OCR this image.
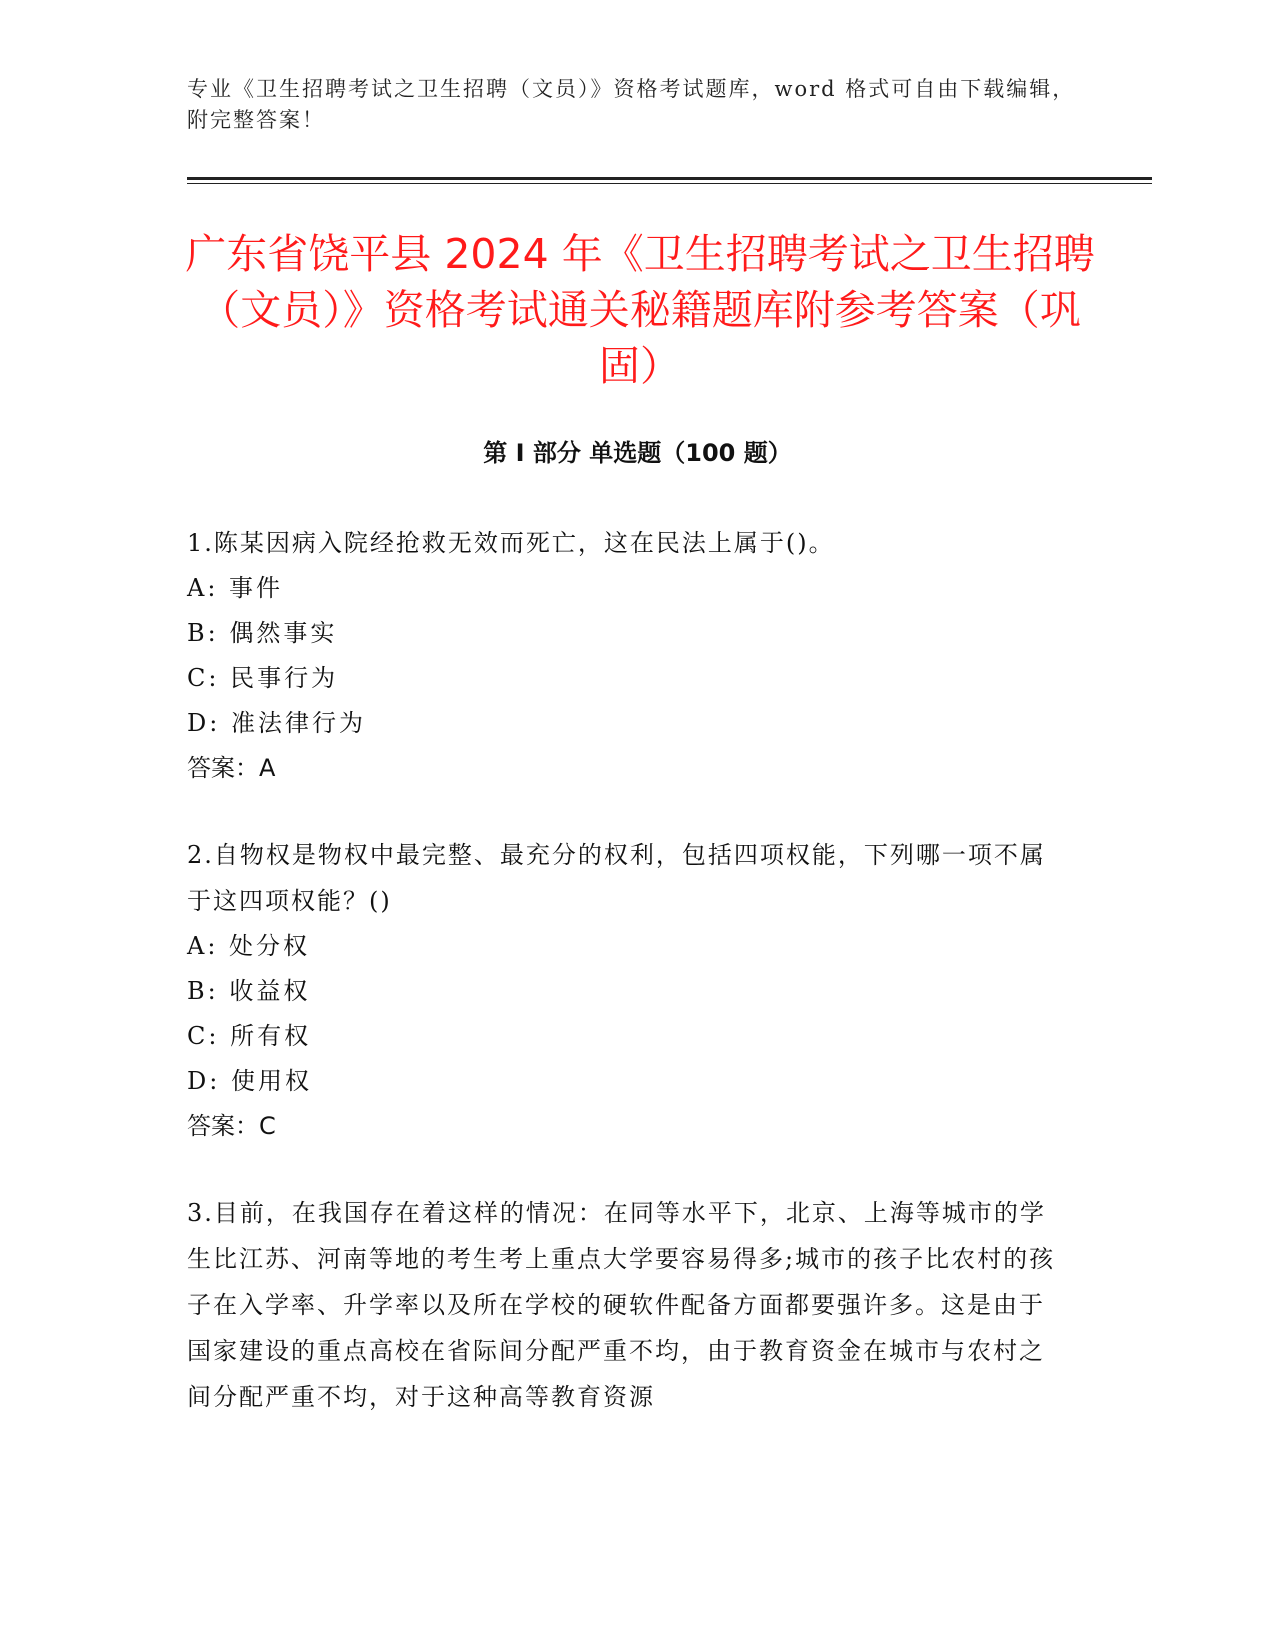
专业《卫生招聘考试之卫生招聘（文员）》资格考试题库，word 格式可自由下载编辑，附完整答案！
广东省饶平县 2024 年《卫生招聘考试之卫生招聘（文员）》资格考试通关秘籍题库附参考答案（巩固）
第 I 部分 单选题（100 题）

1.陈某因病入院经抢救无效而死亡，这在民法上属于()。

A: 事件

B: 偶然事实

C: 民事行为

D: 准法律行为

答案：A

2.自物权是物权中最完整、最充分的权利，包括四项权能，下列哪一项不属于这四项权能？()

A: 处分权

B: 收益权

C: 所有权

D: 使用权

答案：C

3.目前，在我国存在着这样的情况：在同等水平下，北京、上海等城市的学生比江苏、河南等地的考生考上重点大学要容易得多;城市的孩子比农村的孩子在入学率、升学率以及所在学校的硬软件配备方面都要强许多。这是由于国家建设的重点高校在省际间分配严重不均，由于教育资金在城市与农村之间分配严重不均，对于这种高等教育资源
